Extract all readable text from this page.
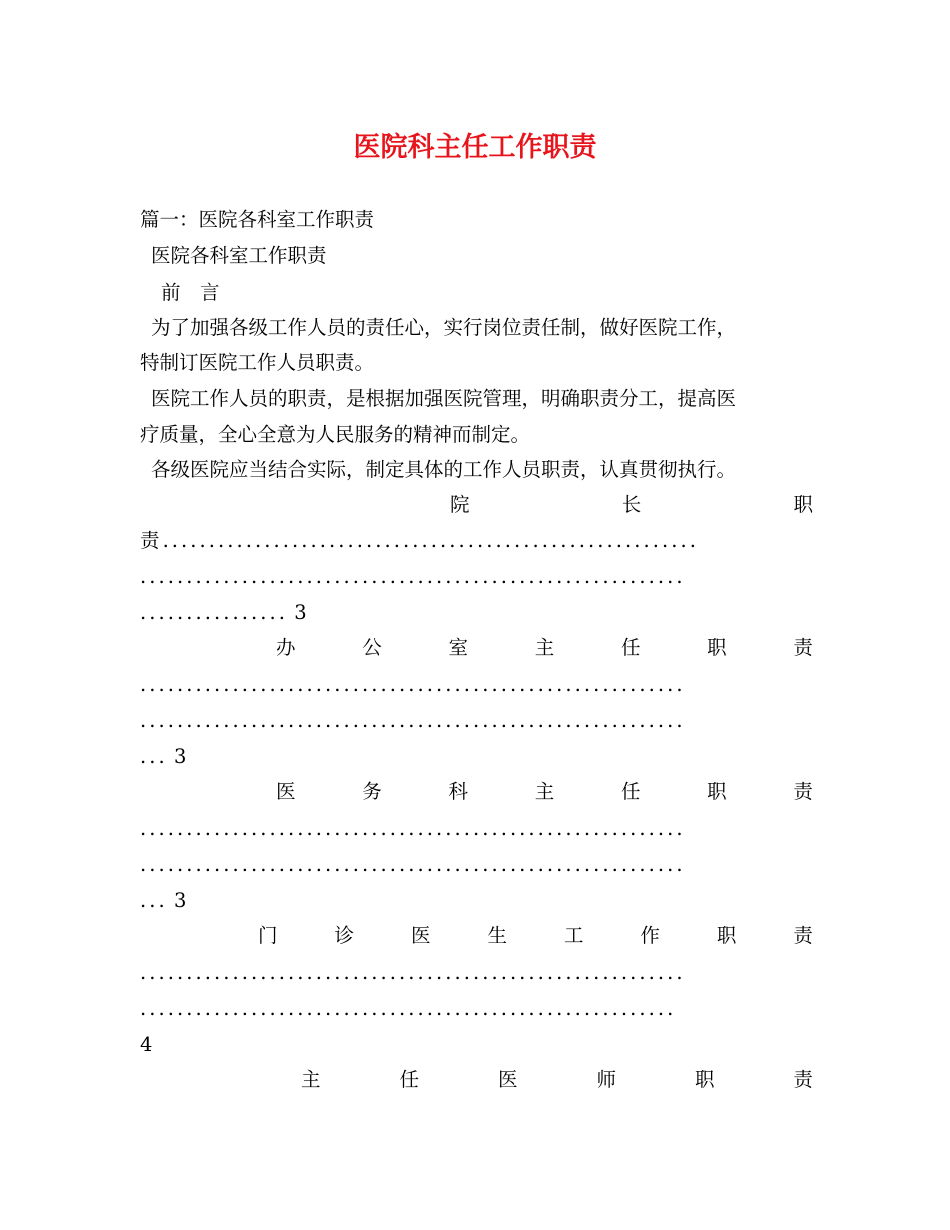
医院科主任工作职责
篇一：医院各科室工作职责
医院各科室工作职责
前　言
为了加强各级工作人员的责任心，实行岗位责任制，做好医院工作，
特制订医院工作人员职责。
医院工作人员的职责，是根据加强医院管理，明确职责分工，提高医
疗质量，全心全意为人民服务的精神而制定。
各级医院应当结合实际，制定具体的工作人员职责，认真贯彻执行。
院	长	职
责..........................................................
...........................................................
................ 3
办	公	室	主	任	职	责
...........................................................
...........................................................
... 3
医	务	科	主	任	职	责
...........................................................
...........................................................
... 3
门	诊	医	生	工	作	职	责
...........................................................
..........................................................
4
主	任	医	师	职	责
